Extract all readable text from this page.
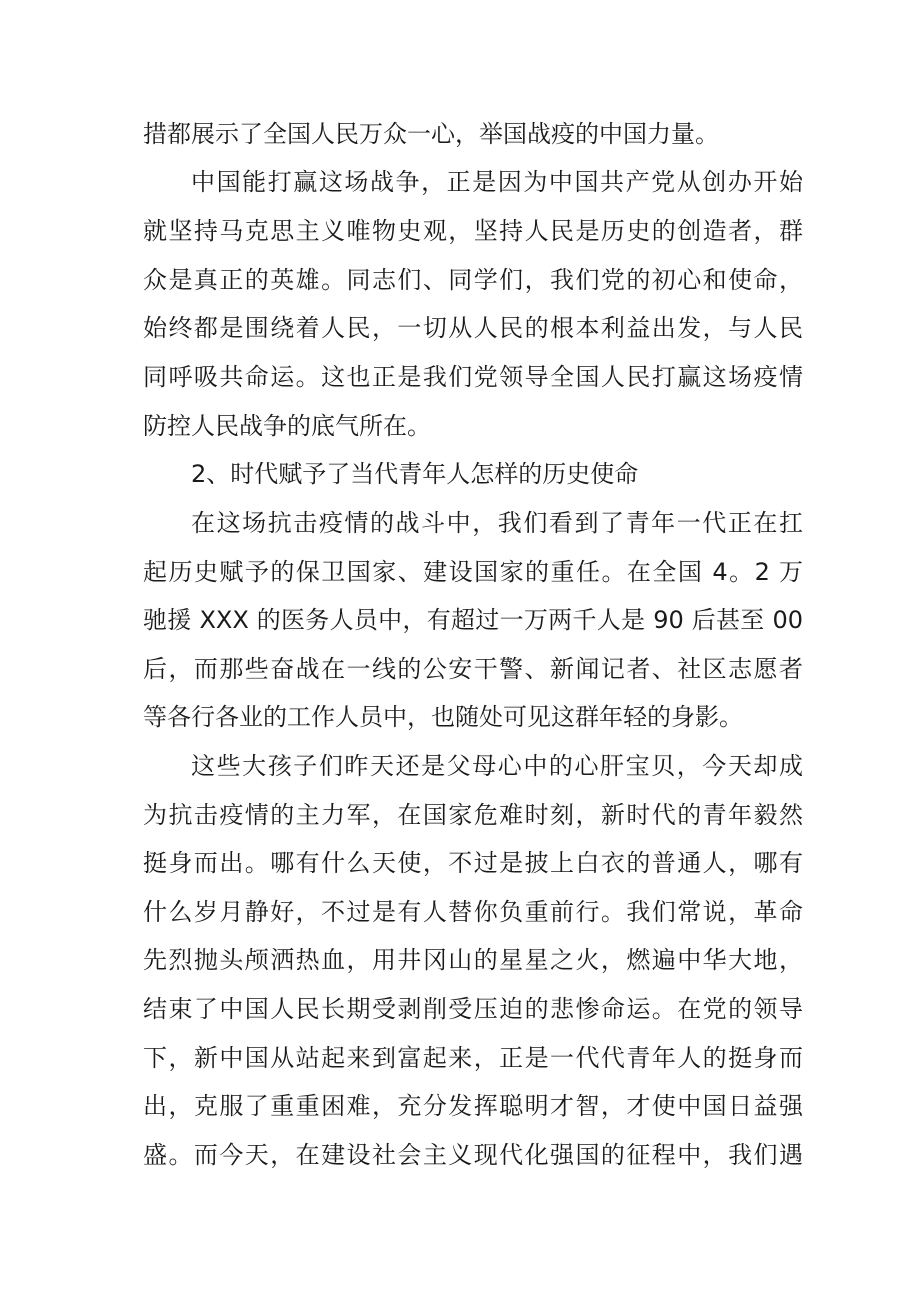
措都展示了全国人民万众一心，举国战疫的中国力量。
中国能打赢这场战争，正是因为中国共产党从创办开始
就坚持马克思主义唯物史观，坚持人民是历史的创造者，群
众是真正的英雄。同志们、同学们，我们党的初心和使命，
始终都是围绕着人民，一切从人民的根本利益出发，与人民
同呼吸共命运。这也正是我们党领导全国人民打赢这场疫情
防控人民战争的底气所在。
2、时代赋予了当代青年人怎样的历史使命
在这场抗击疫情的战斗中，我们看到了青年一代正在扛
起历史赋予的保卫国家、建设国家的重任。在全国 4。2 万
驰援 XXX 的医务人员中，有超过一万两千人是 90 后甚至 00
后，而那些奋战在一线的公安干警、新闻记者、社区志愿者
等各行各业的工作人员中，也随处可见这群年轻的身影。
这些大孩子们昨天还是父母心中的心肝宝贝，今天却成
为抗击疫情的主力军，在国家危难时刻，新时代的青年毅然
挺身而出。哪有什么天使，不过是披上白衣的普通人，哪有
什么岁月静好，不过是有人替你负重前行。我们常说，革命
先烈抛头颅洒热血，用井冈山的星星之火，燃遍中华大地，
结束了中国人民长期受剥削受压迫的悲惨命运。在党的领导
下，新中国从站起来到富起来，正是一代代青年人的挺身而
出，克服了重重困难，充分发挥聪明才智，才使中国日益强
盛。而今天，在建设社会主义现代化强国的征程中，我们遇
